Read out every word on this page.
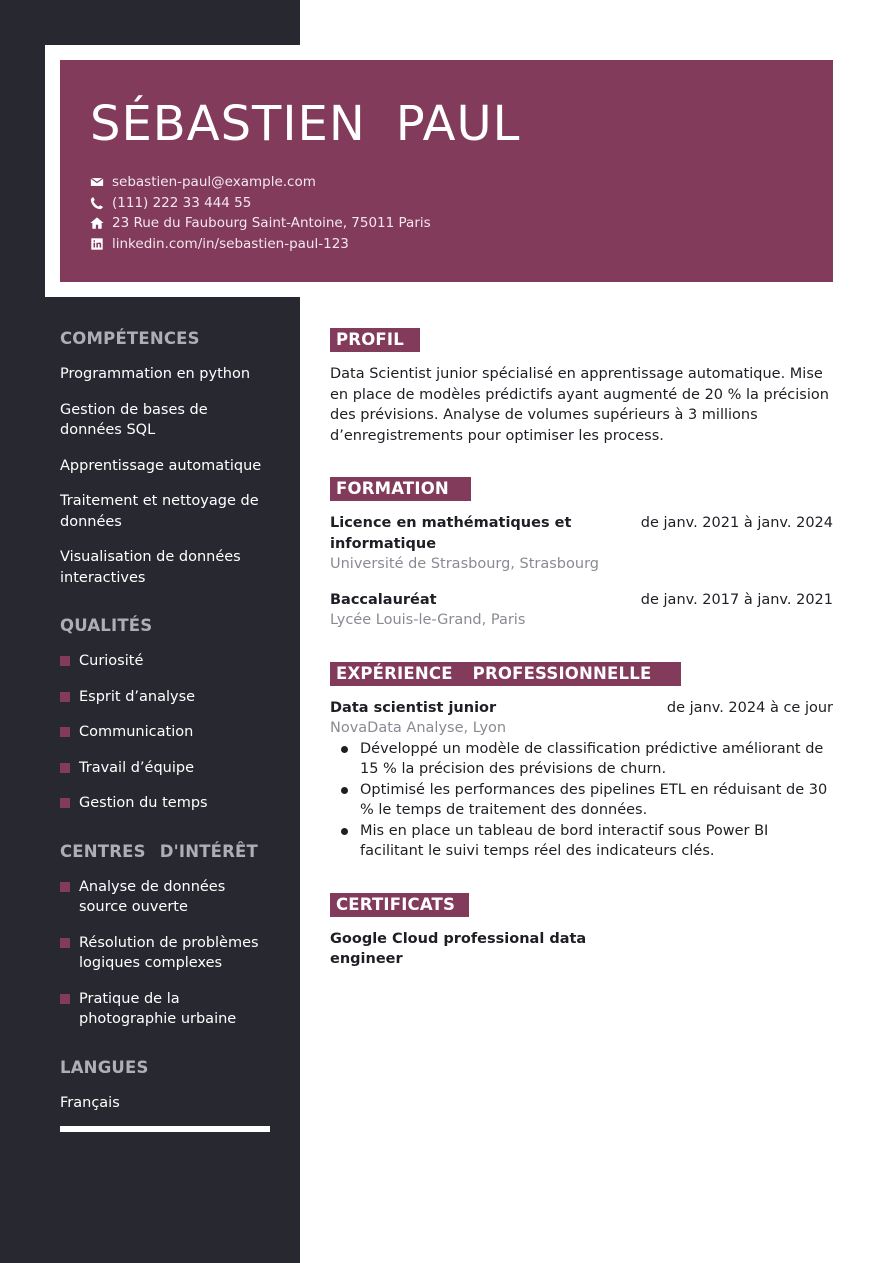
SÉBASTIEN PAUL
sebastien-paul@example.com
(111) 222 33 444 55
23 Rue du Faubourg Saint-Antoine, 75011 Paris
linkedin.com/in/sebastien-paul-123
COMPÉTENCES
Programmation en python
Gestion de bases de données SQL
Apprentissage automatique
Traitement et nettoyage de données
Visualisation de données interactives
QUALITÉS
Curiosité
Esprit d’analyse
Communication
Travail d’équipe
Gestion du temps
CENTRES D'INTÉRÊT
Analyse de données source ouverte
Résolution de problèmes logiques complexes
Pratique de la photographie urbaine
LANGUES
Français
PROFIL

Data Scientist junior spécialisé en apprentissage automatique. Mise en place de modèles prédictifs ayant augmenté de 20 % la précision des prévisions. Analyse de volumes supérieurs à 3 millions d’enregistrements pour optimiser les process.

FORMATION
Licence en mathématiques et informatique
de janv. 2021 à janv. 2024
Université de Strasbourg, Strasbourg
Baccalauréat	de janv. 2017 à janv. 2021
Lycée Louis-le-Grand, Paris
EXPÉRIENCE PROFESSIONNELLE
Data scientist junior	de janv. 2024 à ce jour
NovaData Analyse, Lyon
Développé un modèle de classification prédictive améliorant de 15 % la précision des prévisions de churn.
Optimisé les performances des pipelines ETL en réduisant de 30 % le temps de traitement des données.
Mis en place un tableau de bord interactif sous Power BI facilitant le suivi temps réel des indicateurs clés.
CERTIFICATS
Google Cloud professional data engineer
